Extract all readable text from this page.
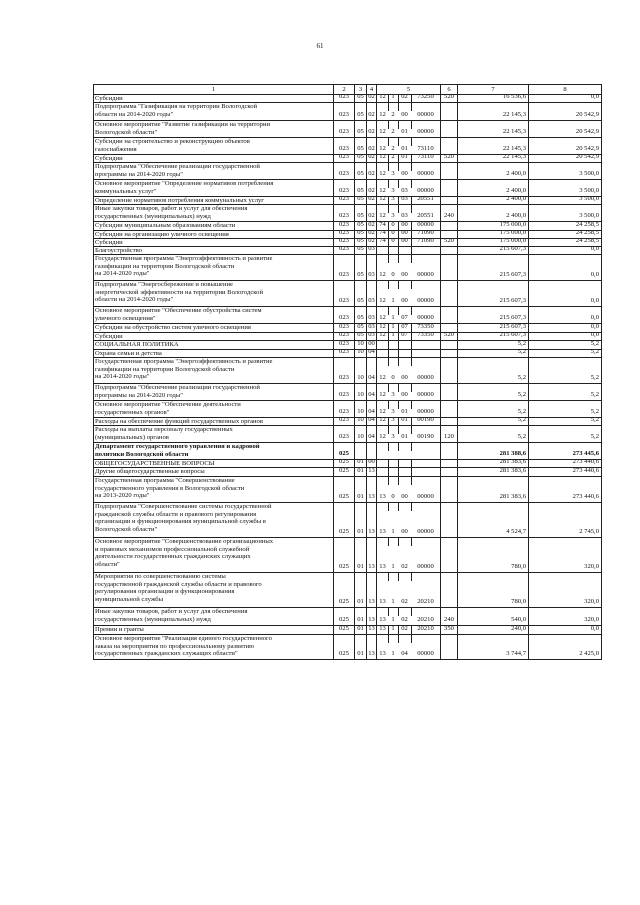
61
1	2	3	4	5	6	7	8
Субсидии	023 05 02 12 1 02 73250 520	16 536,6	0,0
Подпрограмма "Газификация на территории Вологодской
области на 2014-2020 годы"	023 05 02 12 2 00 00000	22 145,3	20 542,9
Основное мероприятие "Развитие газификации на территории
Вологодской области"	023 05 02 12 2 01 00000	22 145,3	20 542,9
Субсидии на строительство и реконструкцию объектов
газоснабжения	023 05 02 12 2 01 73110	22 145,3	20 542,9
Субсидии	023 05 02 12 2 01 73110 520	22 145,3	20 542,9
Подпрограмма "Обеспечение реализации государственной
программы на 2014-2020 годы"	023 05 02 12 3 00 00000	2 400,0	3 500,0
Основное мероприятие "Определение нормативов потребления
коммунальных услуг"	023 05 02 12 3 03 00000	2 400,0	3 500,0
Определение нормативов потребления коммунальных услуг	023 05 02 12 3 03 20551	2 400,0	3 500,0
Иные закупки товаров, работ и услуг для обеспечения
государственных (муниципальных) нужд	023 05 02 12 3 03 20551 240	2 400,0	3 500,0
Субсидии муниципальным образованиям области	023 05 02 74 0 00 00000	175 000,0	24 258,5
Субсидии на организацию уличного освещения	023 05 02 74 0 00 71090	175 000,0	24 258,5
Субсидии	023 05 02 74 0 00 71090 520	175 000,0	24 258,5
Благоустройство	023 05 03	215 607,3	0,0
Государственная программа "Энергоэффективность и развитие
газификации на территории Вологодской области
на 2014-2020 годы"	023 05 03 12 0 00 00000	215 607,3	0,0
Подпрограмма "Энергосбережение и повышение
энергетической эффективности на территории Вологодской
области на 2014-2020 годы"	023 05 03 12 1 00 00000	215 607,3	0,0
Основное мероприятие "Обеспечение обустройства систем
уличного освещения"	023 05 03 12 1 07 00000	215 607,3	0,0
Субсидии на обустройство систем уличного освещения	023 05 03 12 1 07 73350	215 607,3	0,0
Субсидии	023 05 03 12 1 07 73350 520	215 607,3	0,0
СОЦИАЛЬНАЯ ПОЛИТИКА	023 10 00	5,2	5,2
Охрана семьи и детства	023 10 04	5,2	5,2
Государственная программа "Энергоэффективность и развитие
газификации на территории Вологодской области
на 2014-2020 годы"	023 10 04 12 0 00 00000	5,2	5,2
Подпрограмма "Обеспечение реализации государственной
программы на 2014-2020 годы"	023 10 04 12 3 00 00000	5,2	5,2
Основное мероприятие "Обеспечение деятельности
государственных органов"	023 10 04 12 3 01 00000	5,2	5,2
Расходы на обеспечение функций государственных органов	023 10 04 12 3 01 00190	5,2	5,2
Расходы на выплаты персоналу государственных
(муниципальных) органов	023 10 04 12 3 01 00190 120	5,2	5,2
Департамент государственного управления и кадровой
политики Вологодской области	025	281 388,6	273 445,6
ОБЩЕГОСУДАРСТВЕННЫЕ ВОПРОСЫ	025 01 00	281 383,6	273 440,6
Другие общегосударственные вопросы	025 01 13	281 383,6	273 440,6
Государственная программа "Совершенствование
государственного управления в Вологодской области
на 2013-2020 годы"	025 01 13 13 0 00 00000	281 383,6	273 440,6
Подпрограмма "Совершенствование системы государственной
гражданской службы области и правового регулирования
организации и функционирования муниципальной службы в
Вологодской области"	025 01 13 13 1 00 00000	4 524,7	2 745,0
Основное мероприятие "Совершенствование организационных
и правовых механизмов профессиональной служебной
деятельности государственных гражданских служащих
области"	025 01 13 13 1 02 00000	780,0	320,0
Мероприятия по совершенствованию системы
государственной гражданской службы области и правового
регулирования организации и функционирования
муниципальной службы	025 01 13 13 1 02 20210	780,0	320,0
Иные закупки товаров, работ и услуг для обеспечения
государственных (муниципальных) нужд	025 01 13 13 1 02 20210 240	540,0	320,0
Премии и гранты	025 01 13 13 1 02 20210 350	240,0	0,0
Основное мероприятие "Реализация единого государственного
заказа на мероприятия по профессиональному развитию
государственных гражданских служащих области"	025 01 13 13 1 04 00000	3 744,7	2 425,0
